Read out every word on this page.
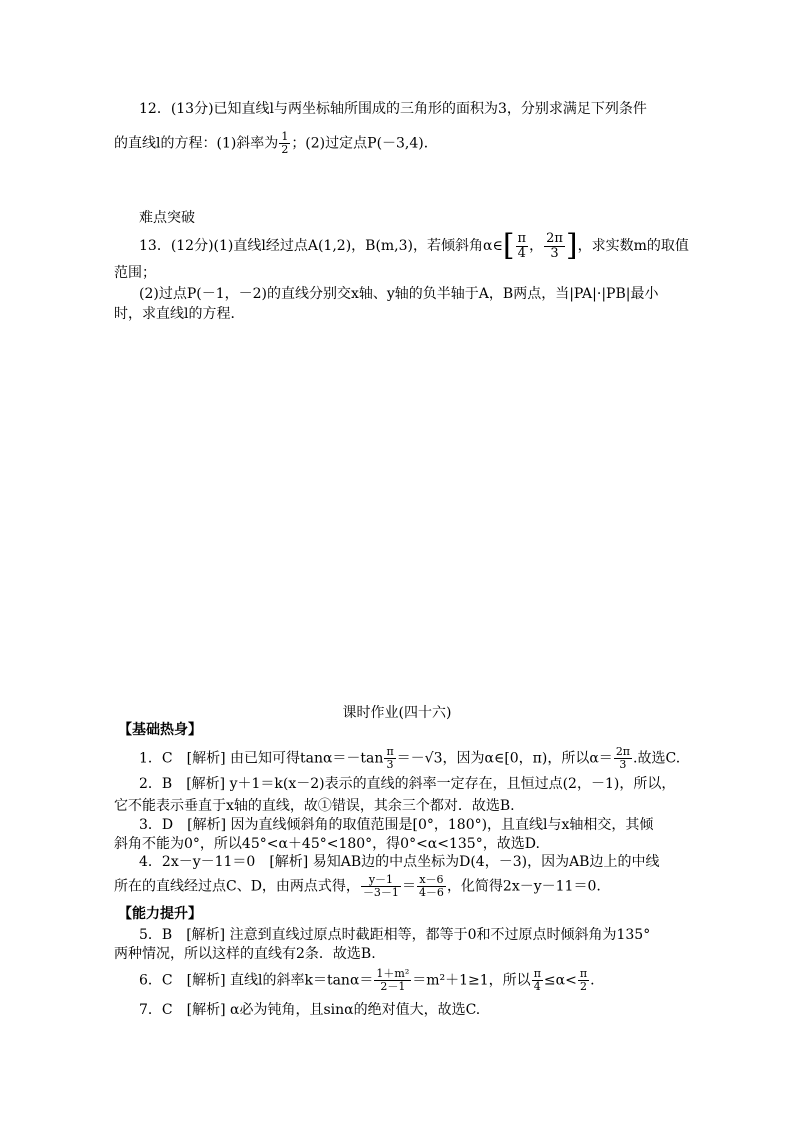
12．(13分)已知直线l与两坐标轴所围成的三角形的面积为3，分别求满足下列条件
的直线l的方程：(1)斜率为 $\frac{1}{2}$ ；(2)过定点P(－3,4)．
难点突破
13．(12分)(1)直线l经过点A(1,2)，B(m,3)，若倾斜角α∈[ $\frac{\pi}{4}$ ， $\frac{2\pi}{3}$ ]，求实数m的取值
范围；
(2)过点P(－1，－2)的直线分别交x轴、y轴的负半轴于A，B两点，当|PA|·|PB|最小
时，求直线l的方程．
课时作业(四十六)
【基础热身】
1．C　[解析] 由已知可得$\tan\alpha=-\tan \frac{\pi}{3} =-√3$，因为α∈[0，π)，所以$\alpha= \frac{2\pi}{3}$ .故选C.
2．B　[解析] y＋1＝k(x－2)表示的直线的斜率一定存在，且恒过点(2，－1)，所以，
它不能表示垂直于x轴的直线，故①错误，其余三个都对．故选B.
3．D　[解析] 因为直线倾斜角的取值范围是[0°，180°)，且直线l与x轴相交，其倾
斜角不能为0°，所以45°<α＋45°<180°，得0°<α<135°，故选D.
4．2x－y－11＝0　[解析] 易知AB边的中点坐标为D(4，－3)，因为AB边上的中线
所在的直线经过点C、D，由两点式得， $\frac{y-1}{-3-1} = \frac{x-6}{4-6}$ ，化简得2x－y－11＝0.
【能力提升】
5．B　[解析] 注意到直线过原点时截距相等，都等于0和不过原点时倾斜角为135°
两种情况，所以这样的直线有2条．故选B.
6．C　[解析] 直线l的斜率$k=\tan\alpha= \frac{\text{1＋m²}}{2-1} =m^2+1\ge 1$，所以 $\frac{\pi}{4} \le\alpha< \frac{\pi}{2}$ .
7．C　[解析] α必为钝角，且sinα的绝对值大，故选C.
